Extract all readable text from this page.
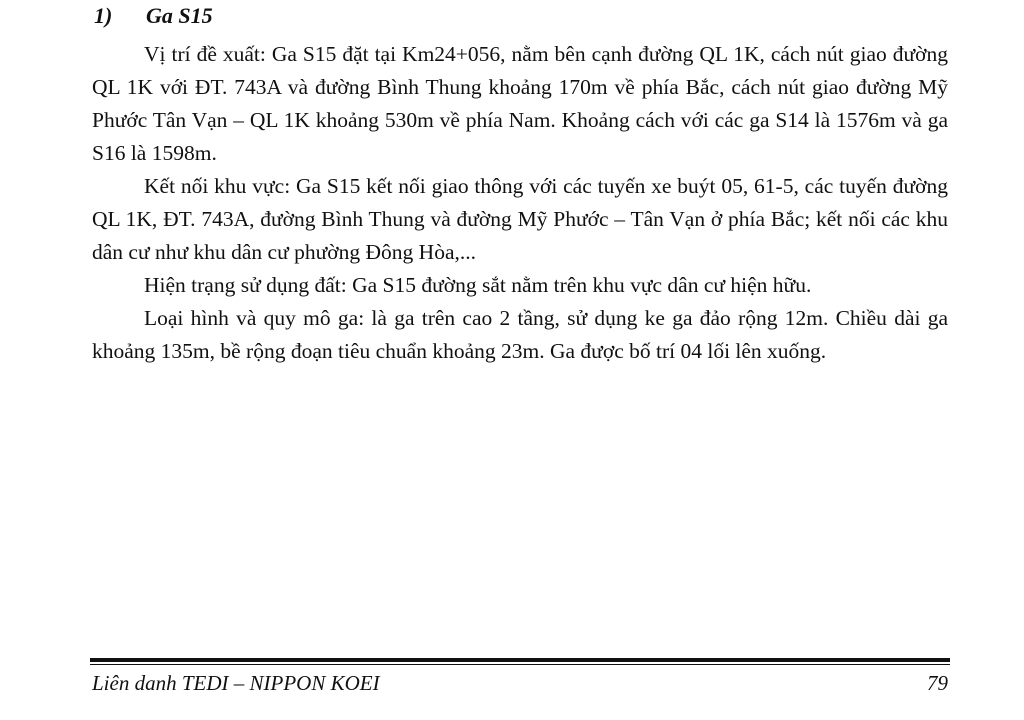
1) Ga S15

Vị trí đề xuất: Ga S15 đặt tại Km24+056, nằm bên cạnh đường QL 1K, cách nút giao đường QL 1K với ĐT. 743A và đường Bình Thung khoảng 170m về phía Bắc, cách nút giao đường Mỹ Phước Tân Vạn – QL 1K khoảng 530m về phía Nam. Khoảng cách với các ga S14 là 1576m và ga S16 là 1598m.

Kết nối khu vực: Ga S15 kết nối giao thông với các tuyến xe buýt 05, 61-5, các tuyến đường QL 1K, ĐT. 743A, đường Bình Thung và đường Mỹ Phước – Tân Vạn ở phía Bắc; kết nối các khu dân cư như khu dân cư phường Đông Hòa,...

Hiện trạng sử dụng đất: Ga S15 đường sắt nằm trên khu vực dân cư hiện hữu.

Loại hình và quy mô ga: là ga trên cao 2 tầng, sử dụng ke ga đảo rộng 12m. Chiều dài ga khoảng 135m, bề rộng đoạn tiêu chuẩn khoảng 23m. Ga được bố trí 04 lối lên xuống.

Liên danh TEDI – NIPPON KOEI	79
